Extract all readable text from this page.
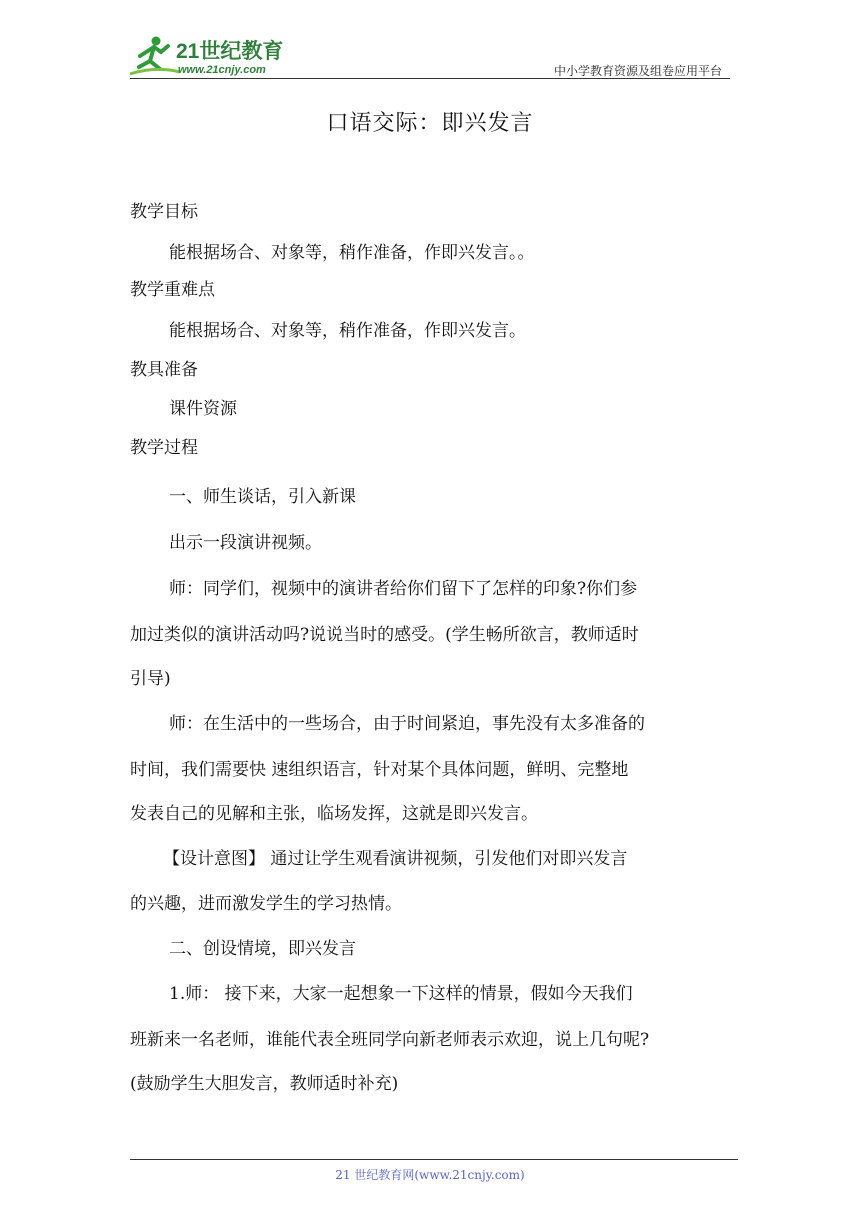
21世纪教育
www.21cnjy.com	中小学教育资源及组卷应用平台
口语交际：即兴发言
教学目标
能根据场合、对象等，稍作准备，作即兴发言。。
教学重难点
能根据场合、对象等，稍作准备，作即兴发言。
教具准备
课件资源
教学过程
一、师生谈话，引入新课
出示一段演讲视频。
师：同学们，视频中的演讲者给你们留下了怎样的印象?你们参
加过类似的演讲活动吗?说说当时的感受。(学生畅所欲言，教师适时
引导)
师：在生活中的一些场合，由于时间紧迫，事先没有太多准备的
时间，我们需要快 速组织语言，针对某个具体问题，鲜明、完整地
发表自己的见解和主张，临场发挥，这就是即兴发言。
【设计意图】 通过让学生观看演讲视频，引发他们对即兴发言
的兴趣，进而激发学生的学习热情。
二、创设情境，即兴发言
1.师： 接下来，大家一起想象一下这样的情景，假如今天我们
班新来一名老师，谁能代表全班同学向新老师表示欢迎，说上几句呢?
(鼓励学生大胆发言，教师适时补充)
21 世纪教育网(www.21cnjy.com)
